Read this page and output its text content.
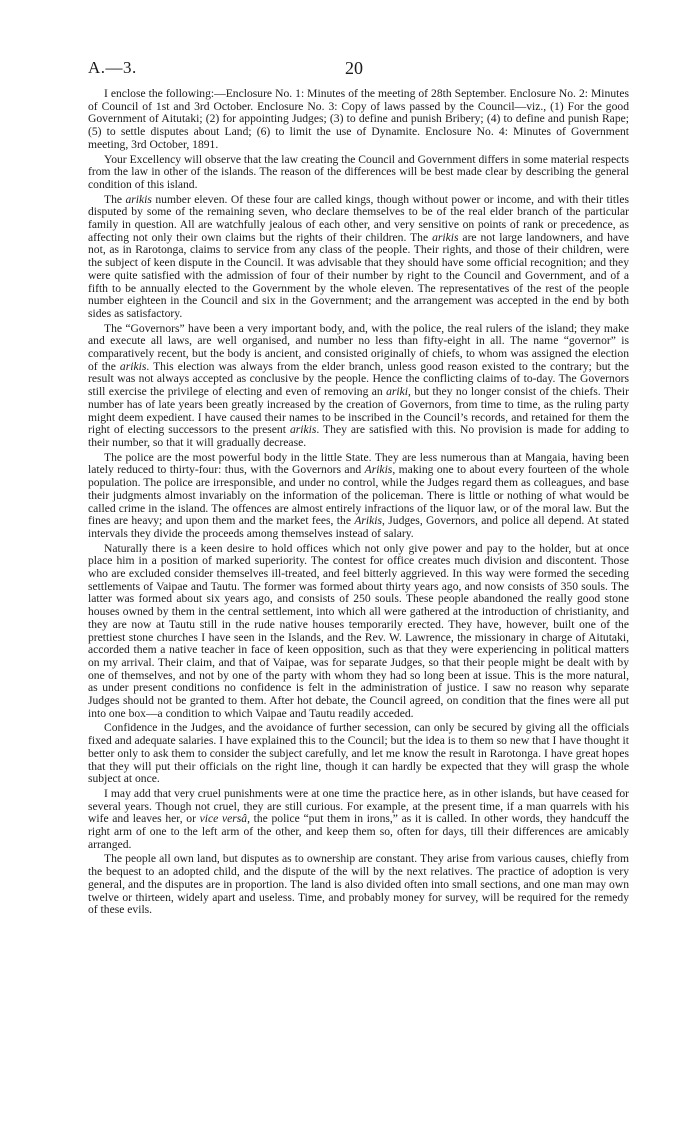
A.—3.	20

I enclose the following:—Enclosure No. 1: Minutes of the meeting of 28th September. Enclosure No. 2: Minutes of Council of 1st and 3rd October. Enclosure No. 3: Copy of laws passed by the Council—viz., (1) For the good Government of Aitutaki; (2) for appointing Judges; (3) to define and punish Bribery; (4) to define and punish Rape; (5) to settle disputes about Land; (6) to limit the use of Dynamite. Enclosure No. 4: Minutes of Government meeting, 3rd October, 1891.

Your Excellency will observe that the law creating the Council and Government differs in some material respects from the law in other of the islands. The reason of the differences will be best made clear by describing the general condition of this island.

The arikis number eleven. Of these four are called kings, though without power or income, and with their titles disputed by some of the remaining seven, who declare themselves to be of the real elder branch of the particular family in question. All are watchfully jealous of each other, and very sensitive on points of rank or precedence, as affecting not only their own claims but the rights of their children. The arikis are not large landowners, and have not, as in Rarotonga, claims to service from any class of the people. Their rights, and those of their children, were the subject of keen dispute in the Council. It was advisable that they should have some official recognition; and they were quite satisfied with the admission of four of their number by right to the Council and Government, and of a fifth to be annually elected to the Government by the whole eleven. The representatives of the rest of the people number eighteen in the Council and six in the Government; and the arrangement was accepted in the end by both sides as satisfactory.

The “Governors” have been a very important body, and, with the police, the real rulers of the island; they make and execute all laws, are well organised, and number no less than fifty-eight in all. The name “governor” is comparatively recent, but the body is ancient, and consisted originally of chiefs, to whom was assigned the election of the arikis. This election was always from the elder branch, unless good reason existed to the contrary; but the result was not always accepted as conclusive by the people. Hence the conflicting claims of to-day. The Governors still exercise the privilege of electing and even of removing an ariki, but they no longer consist of the chiefs. Their number has of late years been greatly increased by the creation of Governors, from time to time, as the ruling party might deem expedient. I have caused their names to be inscribed in the Council’s records, and retained for them the right of electing successors to the present arikis. They are satisfied with this. No provision is made for adding to their number, so that it will gradually decrease.

The police are the most powerful body in the little State. They are less numerous than at Mangaia, having been lately reduced to thirty-four: thus, with the Governors and Arikis, making one to about every fourteen of the whole population. The police are irresponsible, and under no control, while the Judges regard them as colleagues, and base their judgments almost invariably on the information of the policeman. There is little or nothing of what would be called crime in the island. The offences are almost entirely infractions of the liquor law, or of the moral law. But the fines are heavy; and upon them and the market fees, the Arikis, Judges, Governors, and police all depend. At stated intervals they divide the proceeds among themselves instead of salary.

Naturally there is a keen desire to hold offices which not only give power and pay to the holder, but at once place him in a position of marked superiority. The contest for office creates much division and discontent. Those who are excluded consider themselves ill-treated, and feel bitterly aggrieved. In this way were formed the seceding settlements of Vaipae and Tautu. The former was formed about thirty years ago, and now consists of 350 souls. The latter was formed about six years ago, and consists of 250 souls. These people abandoned the really good stone houses owned by them in the central settlement, into which all were gathered at the introduction of christianity, and they are now at Tautu still in the rude native houses temporarily erected. They have, however, built one of the prettiest stone churches I have seen in the Islands, and the Rev. W. Lawrence, the missionary in charge of Aitutaki, accorded them a native teacher in face of keen opposition, such as that they were experiencing in political matters on my arrival. Their claim, and that of Vaipae, was for separate Judges, so that their people might be dealt with by one of themselves, and not by one of the party with whom they had so long been at issue. This is the more natural, as under present conditions no confidence is felt in the administration of justice. I saw no reason why separate Judges should not be granted to them. After hot debate, the Council agreed, on condition that the fines were all put into one box—a condition to which Vaipae and Tautu readily acceded.

Confidence in the Judges, and the avoidance of further secession, can only be secured by giving all the officials fixed and adequate salaries. I have explained this to the Council; but the idea is to them so new that I have thought it better only to ask them to consider the subject carefully, and let me know the result in Rarotonga. I have great hopes that they will put their officials on the right line, though it can hardly be expected that they will grasp the whole subject at once.

I may add that very cruel punishments were at one time the practice here, as in other islands, but have ceased for several years. Though not cruel, they are still curious. For example, at the present time, if a man quarrels with his wife and leaves her, or vice versâ, the police “put them in irons,” as it is called. In other words, they handcuff the right arm of one to the left arm of the other, and keep them so, often for days, till their differences are amicably arranged.

The people all own land, but disputes as to ownership are constant. They arise from various causes, chiefly from the bequest to an adopted child, and the dispute of the will by the next relatives. The practice of adoption is very general, and the disputes are in proportion. The land is also divided often into small sections, and one man may own twelve or thirteen, widely apart and useless. Time, and probably money for survey, will be required for the remedy of these evils.
